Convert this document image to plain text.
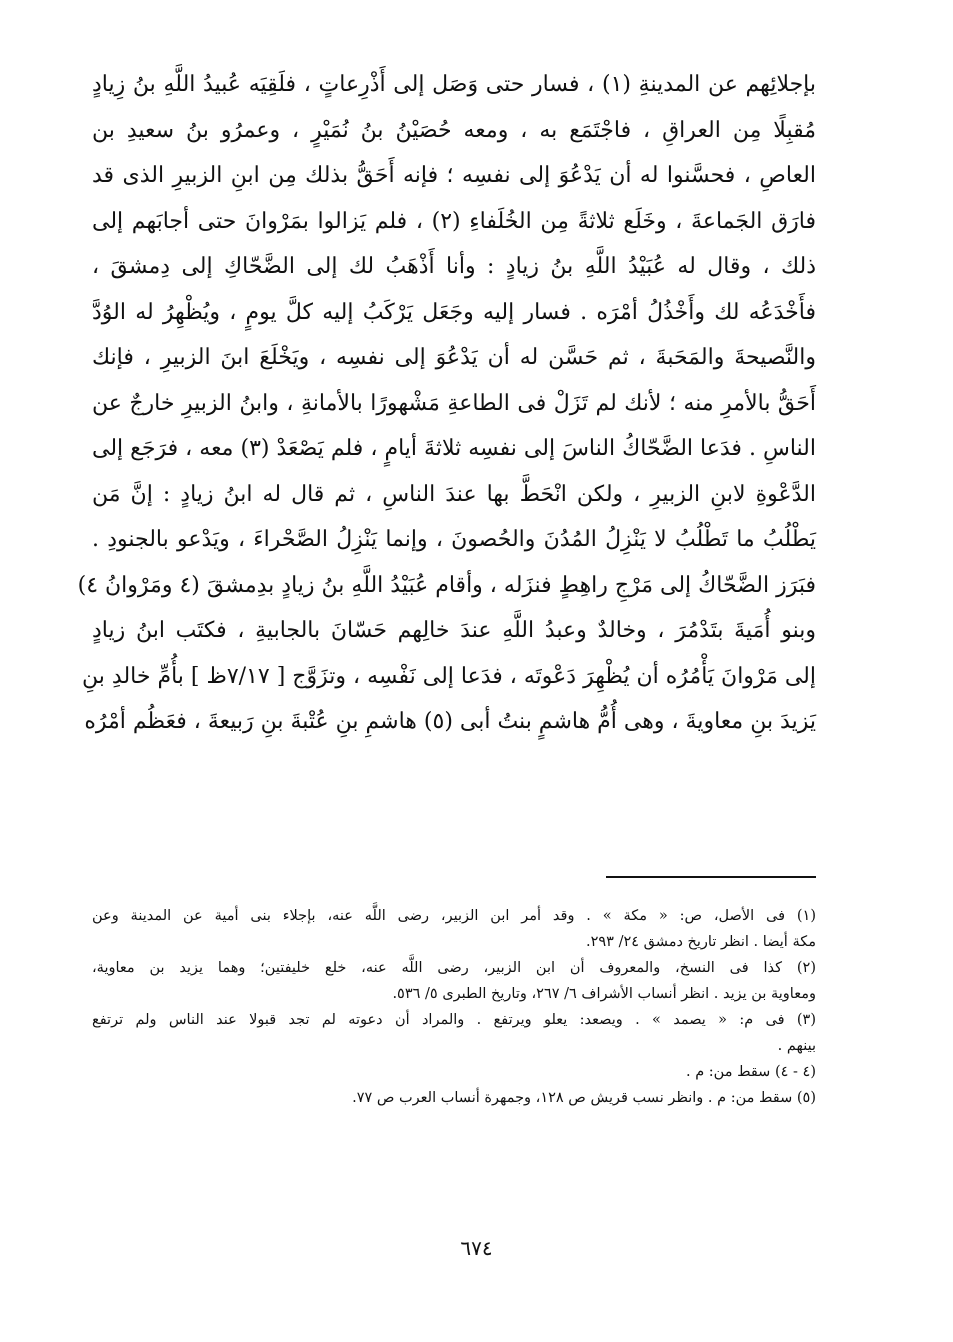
بإجلائِهم عن المدينةِ (١) ، فسار حتى وَصَل إلى أَذْرِعاتٍ ، فلَقِيَه عُبيدُ اللَّهِ بنُ زِيادٍ
مُقبِلًا مِن العراقِ ، فاجْتَمَع به ، ومعه حُصَيْنُ بنُ نُمَيْرٍ ، وعمرُو بنُ سعيدِ بن
العاصِ ، فحسَّنوا له أن يَدْعُوَ إلى نفسِه ؛ فإنه أَحَقُّ بذلك مِن ابنِ الزبيرِ الذى قد
فارَق الجَماعةَ ، وخَلَع ثلاثةً مِن الخُلَفاءِ (٢) ، فلم يَزالوا بمَرْوانَ حتى أجابَهم إلى
ذلك ، وقال له عُبَيْدُ اللَّهِ بنُ زيادٍ : وأنا أَذْهَبُ لك إلى الضَّحّاكِ إلى دِمشقَ ،
فأَخْدَعُه لك وأَخْذُلُ أمْرَه . فسار إليه وجَعَل يَرْكَبُ إليه كلَّ يومٍ ، ويُظْهِرُ له الوُدَّ
والنَّصيحةَ والمَحَبةَ ، ثم حَسَّن له أن يَدْعُوَ إلى نفسِه ، ويَخْلَعَ ابنَ الزبيرِ ، فإنك
أَحَقُّ بالأمرِ منه ؛ لأنك لم تَزَلْ فى الطاعةِ مَشْهورًا بالأمانةِ ، وابنُ الزبيرِ خارجٌ عن
الناسِ . فدَعا الضَّحّاكُ الناسَ إلى نفسِه ثلاثةَ أيامٍ ، فلم يَصْعَدْ (٣) معه ، فرَجَع إلى
الدَّعْوةِ لابنِ الزبيرِ ، ولكن انْحَطَّ بها عندَ الناسِ ، ثم قال له ابنُ زيادٍ : إنَّ مَن
يَطْلُبُ ما تَطْلُبُ لا يَنْزِلُ المُدُنَ والحُصونَ ، وإنما يَنْزِلُ الصَّحْراءَ ، ويَدْعو بالجنودِ .
فبَرَز الضَّحّاكُ إلى مَرْجِ راهِطٍ فنزَله ، وأقام عُبَيْدُ اللَّهِ بنُ زيادٍ بدِمشقَ (٤ ومَرْوانُ ٤)
وبنو أُمَيةَ بتَدْمُرَ ، وخالدٌ وعبدُ اللَّهِ عندَ خالِهم حَسّانَ بالجابيةِ ، فكتَب ابنُ زيادٍ
إلى مَرْوانَ يَأْمُرُه أن يُظْهِرَ دَعْوتَه ، فدَعا إلى نَفْسِه ، وتزَوَّج [ ٧/١٧ظ ] بأُمِّ خالدِ بنِ
يَزيدَ بنِ معاويةَ ، وهى أُمُّ هاشمٍ بنتُ أبى (٥) هاشمِ بنِ عُتْبةَ بنِ رَبيعةَ ، فعَظُم أمْرُه
(١) فى الأصل، ص: « مكة » . وقد أمر ابن الزبير، رضى اللَّه عنه، بإجلاء بنى أمية عن المدينة وعن
مكة أيضا . انظر تاريخ دمشق ٢٤/ ٢٩٣.
(٢) كذا فى النسخ، والمعروف أن ابن الزبير، رضى اللَّه عنه، خلع خليفتين؛ وهما يزيد بن معاوية،
ومعاوية بن يزيد . انظر أنساب الأشراف ٦/ ٢٦٧، وتاريخ الطبرى ٥/ ٥٣٦.
(٣) فى م: « يصمد » . ويصعد: يعلو ويرتفع . والمراد أن دعوته لم تجد قبولا عند الناس ولم ترتفع
بينهم .
(٤ - ٤) سقط من: م .
(٥) سقط من: م . وانظر نسب قريش ص ١٢٨، وجمهرة أنساب العرب ص ٧٧.
٦٧٤
